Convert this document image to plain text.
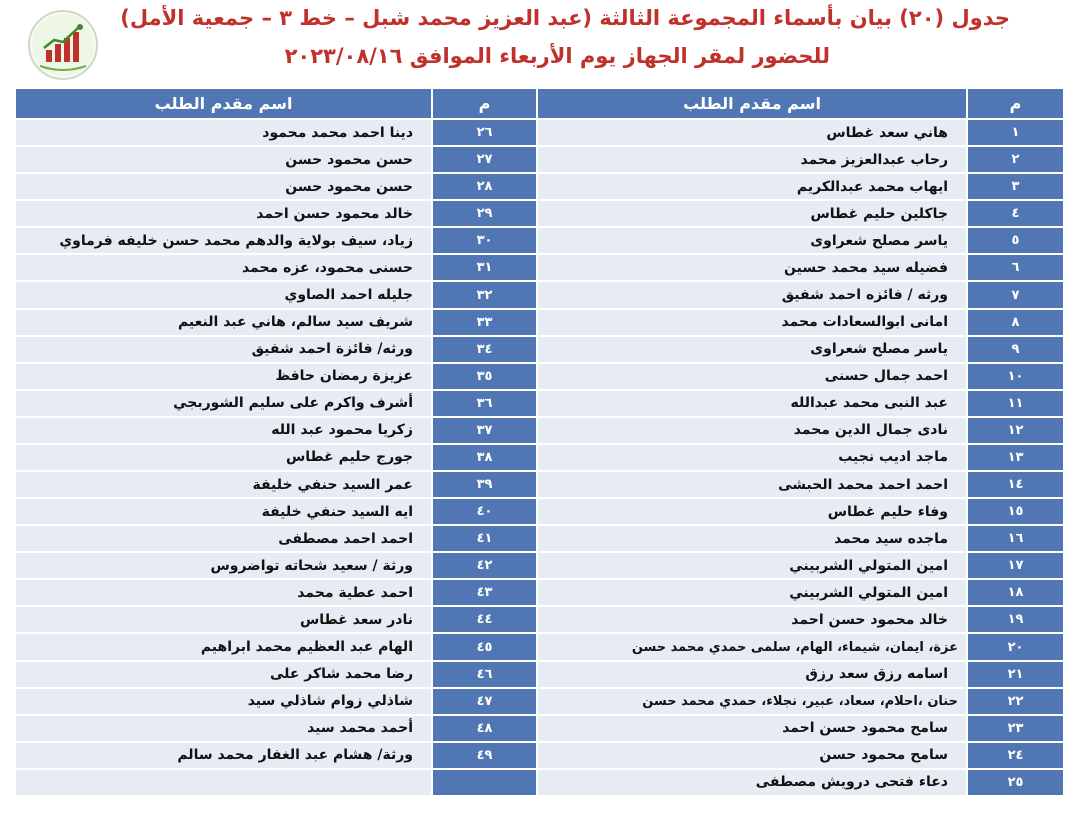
جدول (٢٠) بيان بأسماء المجموعة الثالثة (عبد العزيز محمد شبل – خط ٣ – جمعية الأمل)
للحضور لمقر الجهاز يوم الأربعاء الموافق ٢٠٢٣/٠٨/١٦
اسم مقدم الطلب	م
دينا احمد محمد محمود	٢٦
حسن محمود حسن	٢٧
حسن محمود حسن	٢٨
خالد محمود حسن احمد	٢٩
زياد، سيف بولاية والدهم محمد حسن خليفه فرماوي	٣٠
حسنى محمود، عزه محمد	٣١
جليله احمد الصاوي	٣٢
شريف سيد سالم، هاني عبد النعيم	٣٣
ورثه/ فائزة احمد شفيق	٣٤
عزيزة رمضان حافظ	٣٥
أشرف واكرم على سليم الشوربجي	٣٦
زكريا محمود عبد الله	٣٧
جورج حليم غطاس	٣٨
عمر السيد حنفي خليفة	٣٩
ايه السيد حنفي خليفة	٤٠
احمد احمد مصطفى	٤١
ورثة / سعيد شحاته تواضروس	٤٢
احمد عطية محمد	٤٣
نادر سعد غطاس	٤٤
الهام عبد العظيم محمد ابراهيم	٤٥
رضا محمد شاكر على	٤٦
شاذلي زوام شاذلي سيد	٤٧
أحمد محمد سيد	٤٨
ورثة/ هشام عبد الغفار محمد سالم	٤٩
اسم مقدم الطلب	م
هاني سعد غطاس	١
رحاب عبدالعزيز محمد	٢
ايهاب محمد عبدالكريم	٣
جاكلين حليم غطاس	٤
ياسر مصلح شعراوى	٥
فضيله سيد محمد حسين	٦
ورثه / فائزه احمد شفيق	٧
امانى ابوالسعادات محمد	٨
ياسر مصلح شعراوى	٩
احمد جمال حسنى	١٠
عبد النبى محمد عبدالله	١١
نادى جمال الدين محمد	١٢
ماجد اديب نجيب	١٣
احمد احمد محمد الحبشى	١٤
وفاء حليم غطاس	١٥
ماجده سيد محمد	١٦
امين المتولي الشربيني	١٧
امين المتولي الشربيني	١٨
خالد محمود حسن احمد	١٩
عزة، ايمان، شيماء، الهام، سلمى حمدي محمد حسن	٢٠
اسامه رزق سعد رزق	٢١
حنان ،احلام، سعاد، عبير، نجلاء، حمدي محمد حسن	٢٢
سامح محمود حسن احمد	٢٣
سامح محمود حسن	٢٤
دعاء فتحى درويش مصطفى	٢٥
